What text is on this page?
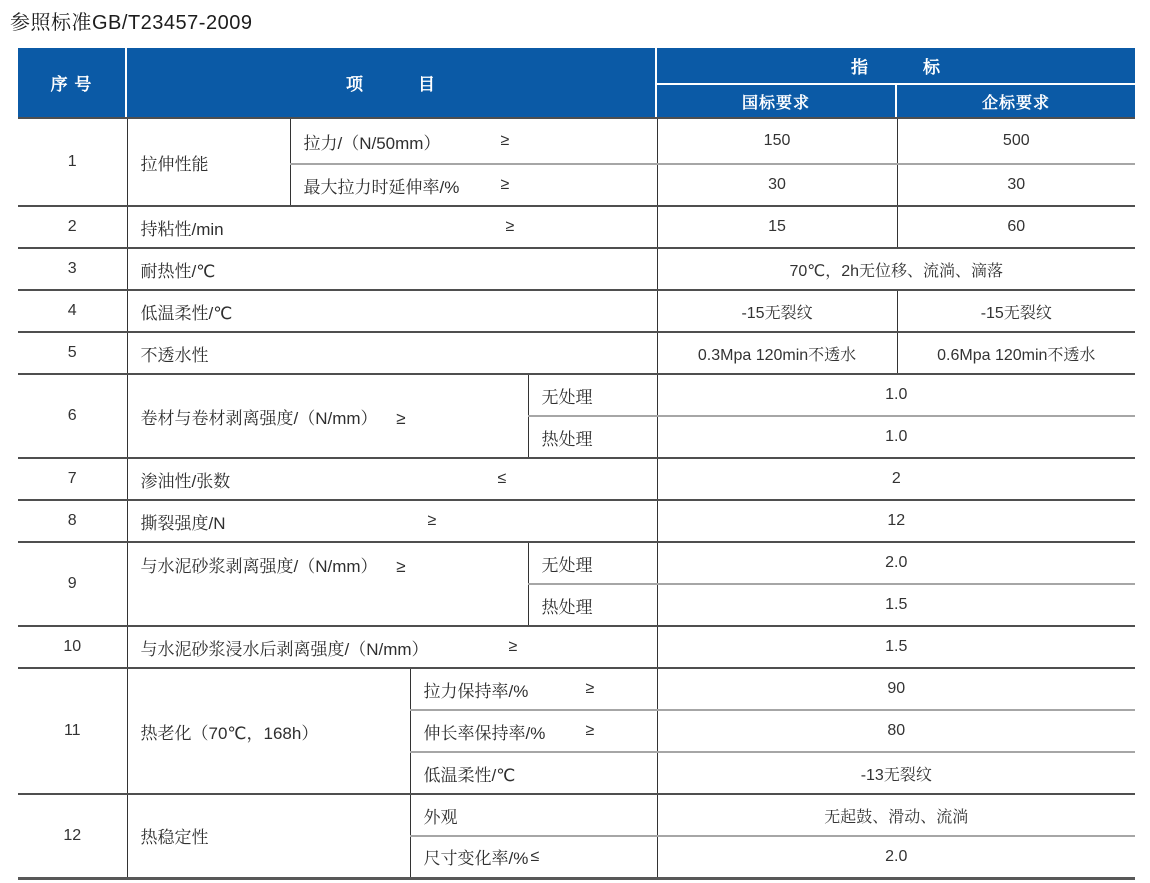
参照标准GB/T23457-2009
序 号	项　　　目
指　　　标
国标要求	企标要求
1	拉伸性能	拉力/（N/50mm） ≥			150	500
		最大拉力时延伸率/% ≥			30	30
2	持粘性/min ≥				15	60
3	耐热性/℃				70℃，2h无位移、流淌、滴落	
4	低温柔性/℃				-15无裂纹	-15无裂纹
5	不透水性				0.3Mpa 120min不透水	0.6Mpa 120min不透水
6	卷材与卷材剥离强度/（N/mm） ≥			无处理	1.0	
				热处理	1.0	
7	渗油性/张数 ≤				2	
8	撕裂强度/N ≥				12	
9	与水泥砂浆剥离强度/（N/mm） ≥			无处理	2.0	
				热处理	1.5	
10	与水泥砂浆浸水后剥离强度/（N/mm） ≥				1.5	
11	热老化（70℃，168h）		拉力保持率/% ≥		90	
			伸长率保持率/% ≥		80	
			低温柔性/℃		-13无裂纹	
12	热稳定性		外观		无起鼓、滑动、流淌	
			尺寸变化率/% ≤		2.0	
